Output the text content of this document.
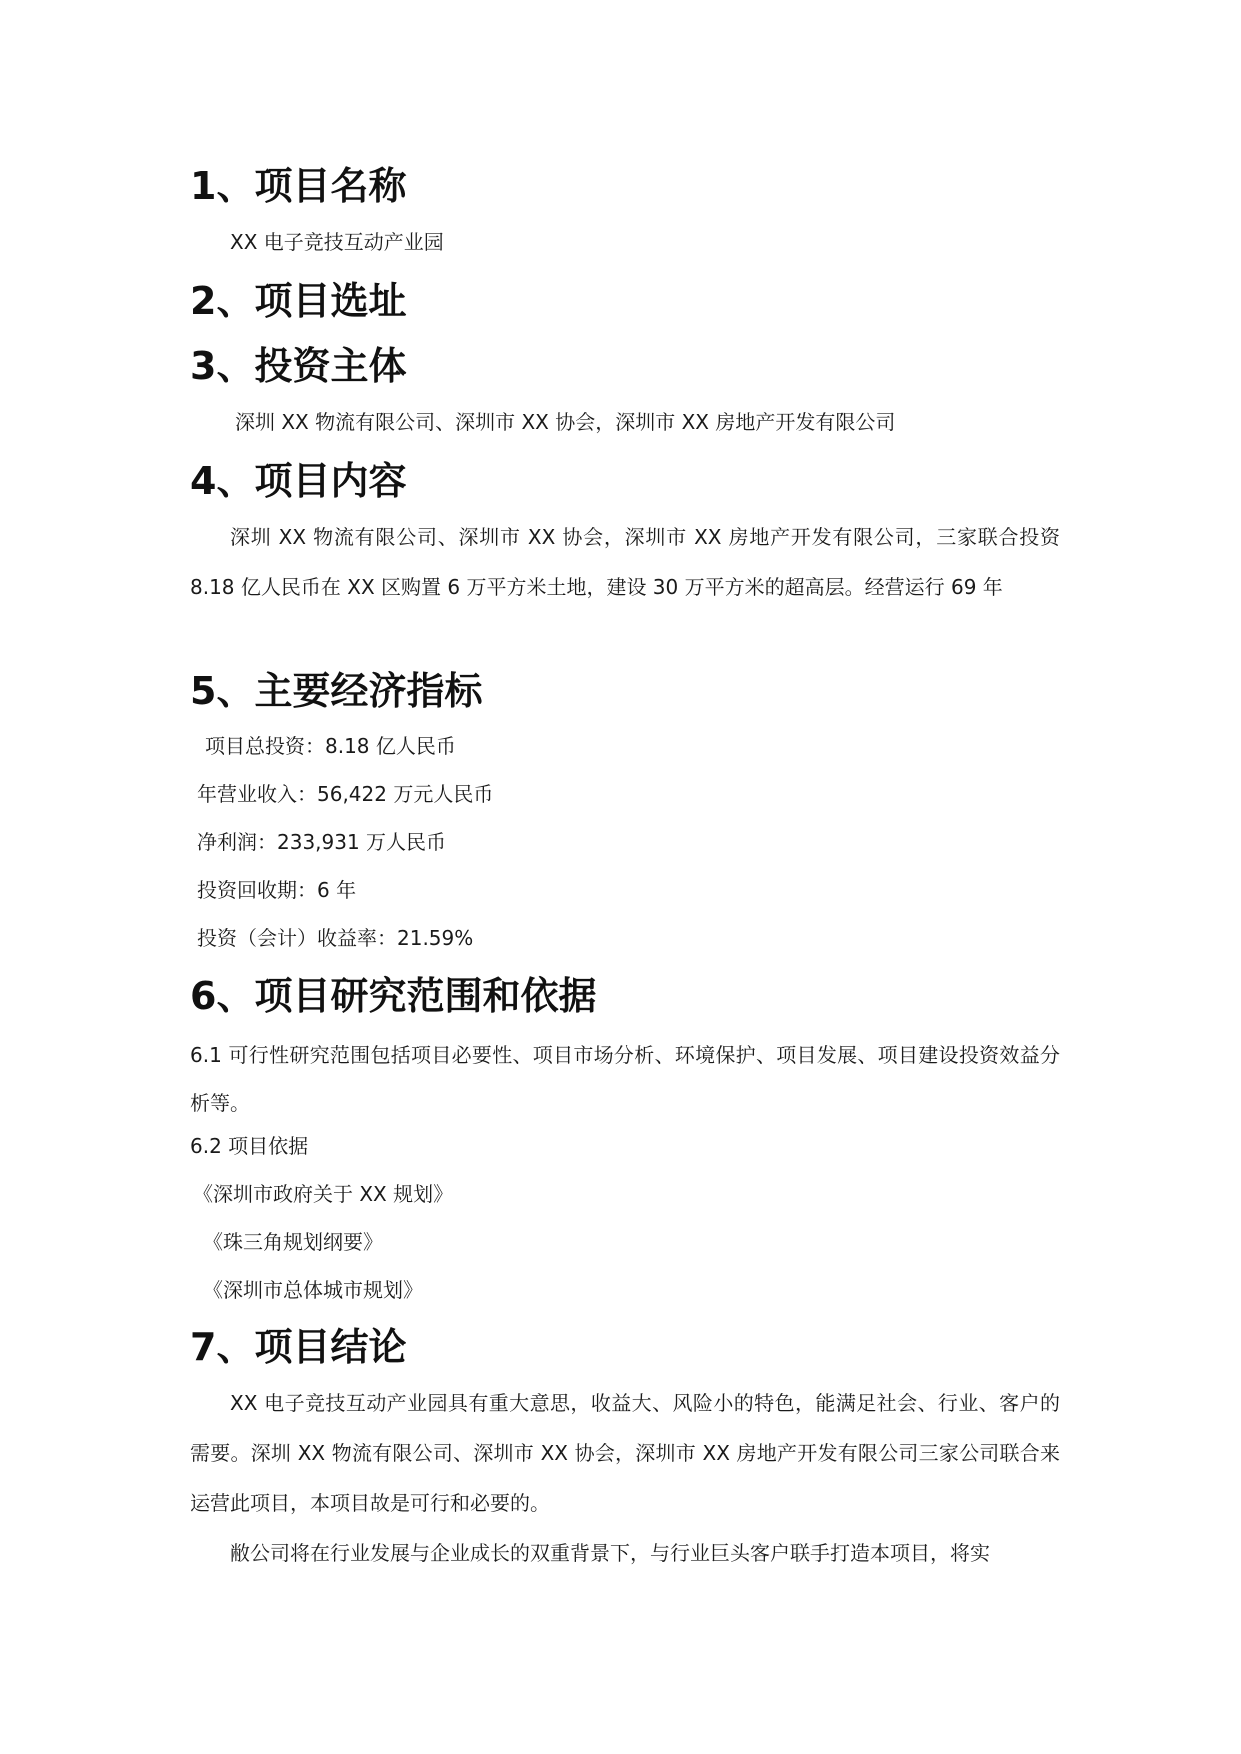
1、项目名称
XX 电子竞技互动产业园
2、项目选址
3、投资主体
深圳 XX 物流有限公司、深圳市 XX 协会，深圳市 XX 房地产开发有限公司
4、项目内容
深圳 XX 物流有限公司、深圳市 XX 协会，深圳市 XX 房地产开发有限公司，三家联合投资 8.18 亿人民币在 XX 区购置 6 万平方米土地，建设 30 万平方米的超高层。经营运行 69 年
5、主要经济指标
项目总投资：8.18 亿人民币
年营业收入：56,422 万元人民币
净利润：233,931 万人民币
投资回收期：6 年
投资（会计）收益率：21.59%
6、项目研究范围和依据
6.1 可行性研究范围包括项目必要性、项目市场分析、环境保护、项目发展、项目建设投资效益分析等。
6.2 项目依据
《深圳市政府关于 XX 规划》
《珠三角规划纲要》
《深圳市总体城市规划》
7、项目结论
XX 电子竞技互动产业园具有重大意思，收益大、风险小的特色，能满足社会、行业、客户的需要。深圳 XX 物流有限公司、深圳市 XX 协会，深圳市 XX 房地产开发有限公司三家公司联合来运营此项目，本项目故是可行和必要的。
敝公司将在行业发展与企业成长的双重背景下，与行业巨头客户联手打造本项目，将实
